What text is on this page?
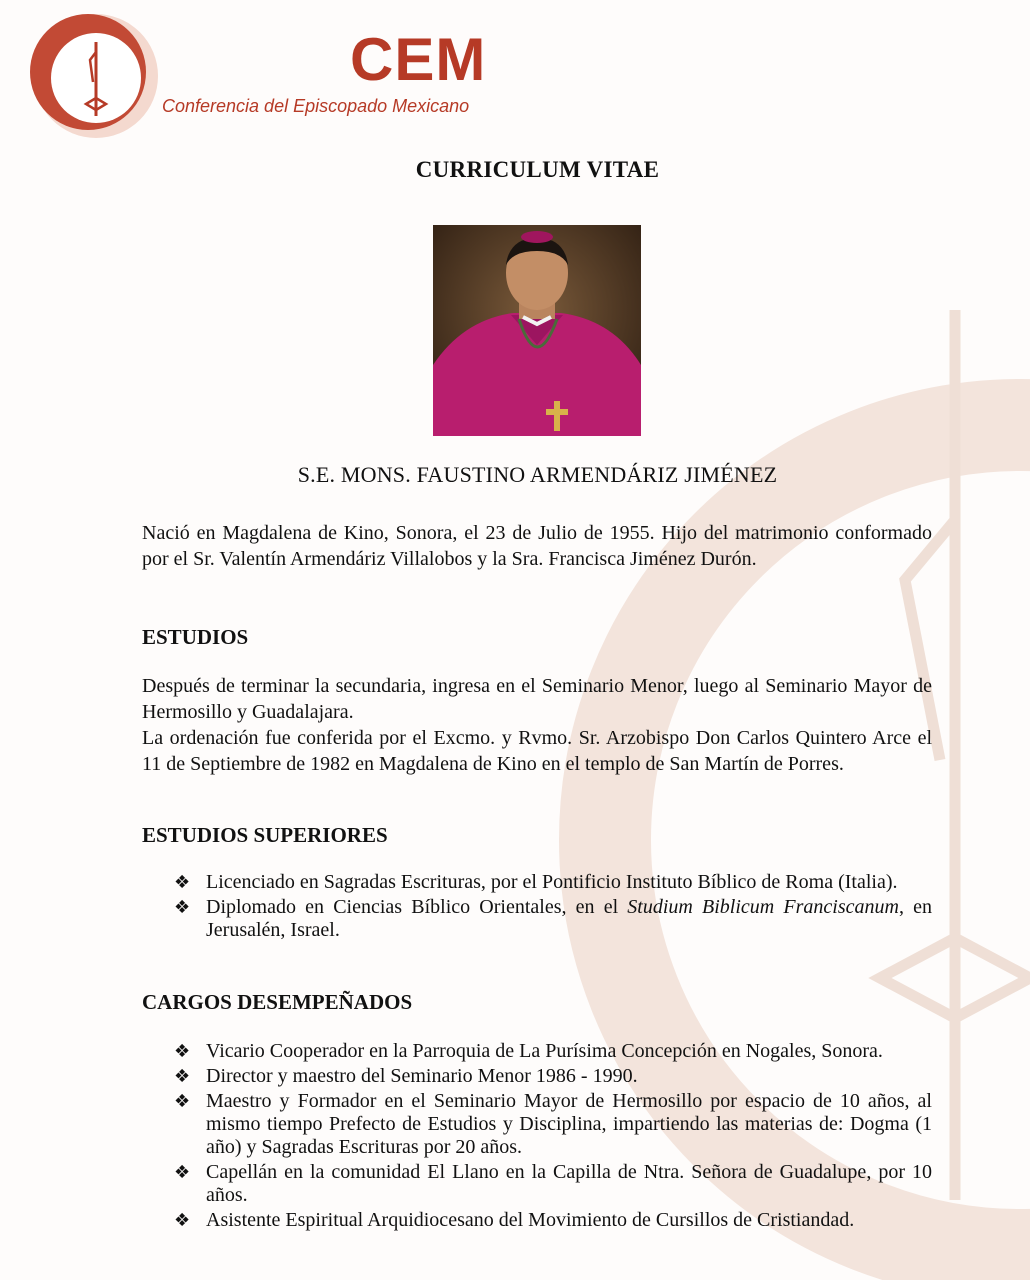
CEM
Conferencia del Episcopado Mexicano
CURRICULUM VITAE
S.E. MONS. FAUSTINO ARMENDÁRIZ JIMÉNEZ

Nació en Magdalena de Kino, Sonora, el 23 de Julio de 1955. Hijo del matrimonio conformado por el Sr. Valentín Armendáriz Villalobos y la Sra. Francisca Jiménez Durón.

ESTUDIOS

Después de terminar la secundaria, ingresa en el Seminario Menor, luego al Seminario Mayor de Hermosillo y Guadalajara.

La ordenación fue conferida por el Excmo. y Rvmo. Sr. Arzobispo Don Carlos Quintero Arce el 11 de Septiembre de 1982 en Magdalena de Kino en el templo de San Martín de Porres.

ESTUDIOS SUPERIORES
❖ Licenciado en Sagradas Escrituras, por el Pontificio Instituto Bíblico de Roma (Italia).
❖ Diplomado en Ciencias Bíblico Orientales, en el Studium Biblicum Franciscanum, en Jerusalén, Israel.
CARGOS DESEMPEÑADOS
❖ Vicario Cooperador en la Parroquia de La Purísima Concepción en Nogales, Sonora.
❖ Director y maestro del Seminario Menor 1986 - 1990.
❖ Maestro y Formador en el Seminario Mayor de Hermosillo por espacio de 10 años, al mismo tiempo Prefecto de Estudios y Disciplina, impartiendo las materias de: Dogma (1 año) y Sagradas Escrituras por 20 años.
❖ Capellán en la comunidad El Llano en la Capilla de Ntra. Señora de Guadalupe, por 10 años.
❖ Asistente Espiritual Arquidiocesano del Movimiento de Cursillos de Cristiandad.
